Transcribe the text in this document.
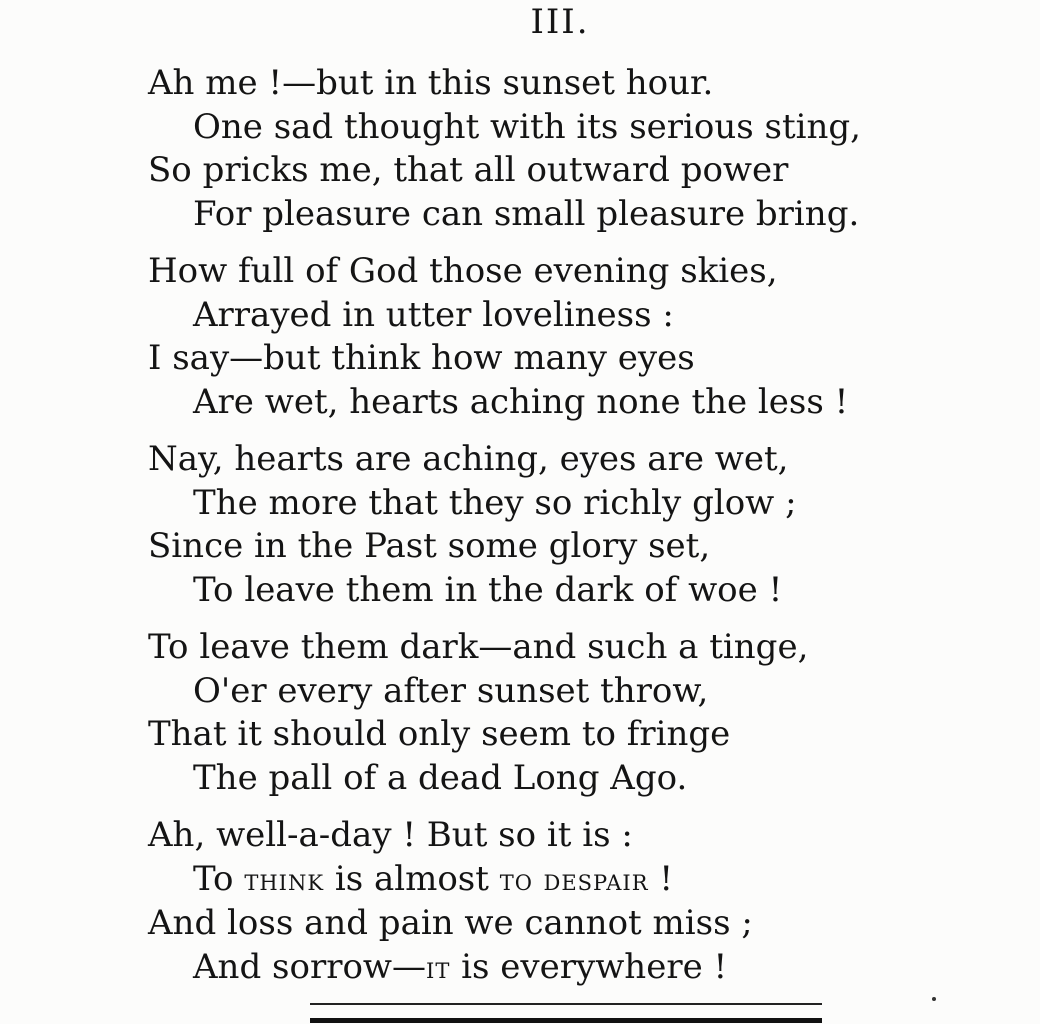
III.
Ah me !—but in this sunset hour.
One sad thought with its serious sting,
So pricks me, that all outward power
For pleasure can small pleasure bring.
How full of God those evening skies,
Arrayed in utter loveliness :
I say—but think how many eyes
Are wet, hearts aching none the less !
Nay, hearts are aching, eyes are wet,
The more that they so richly glow ;
Since in the Past some glory set,
To leave them in the dark of woe !
To leave them dark—and such a tinge,
O'er every after sunset throw,
That it should only seem to fringe
The pall of a dead Long Ago.
Ah, well-a-day ! But so it is :
To think is almost to despair !
And loss and pain we cannot miss ;
And sorrow—it is everywhere !
